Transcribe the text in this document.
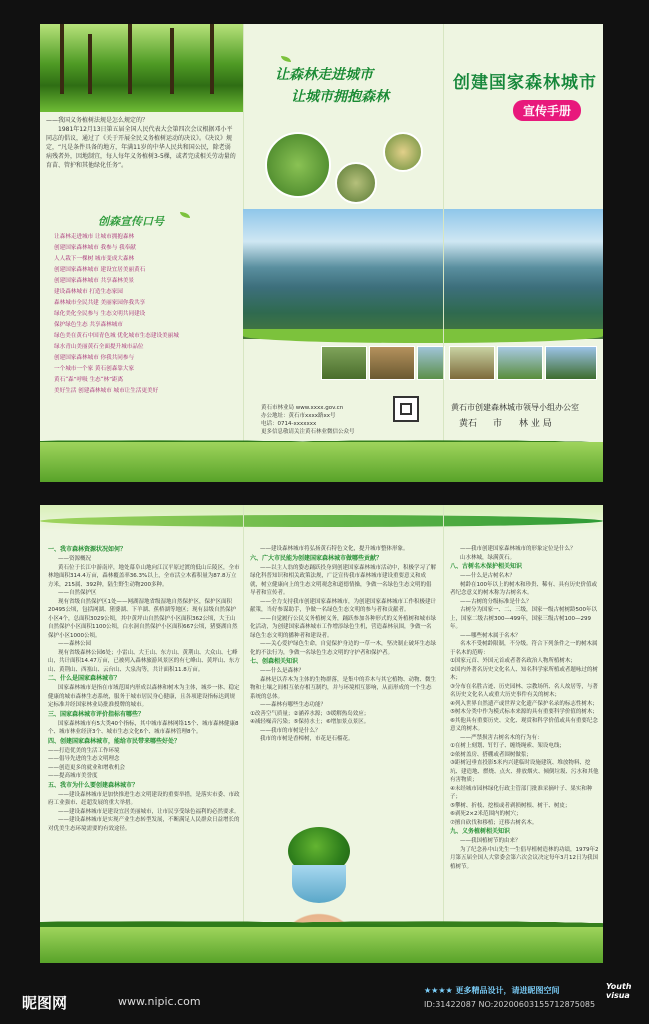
——我国义务植树法规是怎么规定的？
1981年12月13日第五届全国人民代表大会第四次会议根据邓小平同志的倡议，通过了《关于开展全民义务植树运动的决议》。《决议》规定，“凡是条件具备的地方，年满11岁的中华人民共和国公民，除老弱病残者外，因地制宜，每人每年义务植树3-5棵，或者完成相关劳动量的育苗、管护和其他绿化任务”。
创森宣传口号
让森林走进城市 让城市拥抱森林
创建国家森林城市 我参与 我奉献
人人栽下一棵树 城市变成大森林
创建国家森林城市 建设宜居美丽黄石
创建国家森林城市 共享森林美景
建设森林城市 打造生态家园
森林城市全民共建 美丽家园你我共享
绿化美化全民参与 生态文明共同建设
保护绿色生态 共享森林城市
绿色美在黄石中国青色城 优化城市生态建设美丽城
绿水青山美丽黄石全面提升城市品位
创建国家森林城市 你我共同参与
一个城市一个家 黄石创森靠大家
黄石“森”呼吸 生态“林”距离
美好生活 创建森林城市 城市让生活更美好
让森林走进城市
让城市拥抱森林
黄石市林业局 www.xxxx.gov.cn
办公地址：黄石市xxxx路xx号
电话：0714-xxxxxxx
更多信息敬请关注黄石林业微信公众号
创建国家森林城市
宣传手册
黄石市创建森林城市领导小组办公室
黄石 市 林 业 局
一、我市森林资源状况如何？
——资源概况
黄石位于长江中游南岸，地处幕阜山地向江汉平原过渡的低山丘陵区，全市林地面积314.4万亩，森林覆盖率36.3%以上，全市活立木蓄积量为87.8万立方米，215属、392种，陆生野生动物200多种。
——自然保护区
现有省级自然保护区1处——网湖湿地省级湿地自然保护区，保护区面积20495公顷，包括网湖、猪婆湖、下羊湖、蕉桥湖等地区；现有县级自然保护小区4个，总面积3029公顷，其中黄坪山自然保护小区面积362公顷，大王山自然保护小区面积1100公顷，白水洞自然保护小区面积667公顷，猪婆湖自然保护小区1000公顷。
——森林公园
现有省级森林公园6处；小雷山、大王山、东方山、黄荆山、大众山、七峰山，共计面积14.47万亩，已被列入森林旅游风景区的有七峰山、黄坪山、东方山、黄荆山、西塞山、云台山、大泉沟等，共计面积11.8万亩。
二、什么是国家森林城市？
国家森林城市是指在市域范围内形成以森林和树木为主体，城乡一体、稳定健康的城市森林生态系统，服务于城市居民身心健康，且各项建设指标达到规定标准并经国家林业局批准授牌的城市。
三、国家森林城市评价指标有哪些？
国家森林城市有5大类40个指标，其中城市森林网络15个、城市森林健康8个、城市林业经济3个、城市生态文化6个、城市森林管理8个。
四、创建国家森林城市，能给市民带来哪些好处？
——打造优美的生活工作环境
——倡导先进的生态文明理念
——创造更多的就业和增收机会
——提高城市美誉度
五、我市为什么要创建森林城市？
——建设森林城市是加快推进生态文明建设的重要举措，是落实市委、市政府工业强市、赶超发展的重大举措。
——建设森林城市是建设宜居美丽城市，让市民享受绿色福利的必然要求。
——建设森林城市是实现产业生态转型发展，不断满足人民群众日益增长的对优美生态环境需要的有效途径。
——建设森林城市将弘扬黄石特色文化，提升城市整体形象。
六、广大市民能为创建国家森林城市做哪些贡献？
——以主人翁的姿态踊跃投身到创建国家森林城市活动中，积极学习了解绿化科普知识和相关政策法规，广泛宣传我市森林城市建设重要意义和成就，树立健康向上的生态文明观念和道德情操，争做一名绿色生态文明的倡导者和宣传者。
——全力支持我市创建国家森林城市，为创建国家森林城市工作积极建计献策，当好参谋助手，争做一名绿色生态文明的参与者和贡献者。
——自觉履行公民义务植树义务，踊跃参加各种形式的义务植树和城市绿化活动，为创建国家森林城市工作增添绿色生机，营造森林氛围，争做一名绿色生态文明的播种者和建设者。
——关心爱护绿色生命，自觉保护身边的一草一木，坚决制止破坏生态绿化的不法行为，争做一名绿色生态文明的守护者和保护者。
七、创森相关知识
——什么是森林？
森林是以乔木为主体的生物群落，是集中的乔木与其它植物、动物、微生物和土壤之间相互依存相互制约，并与环境相互影响，从而形成的一个生态系统的总体。
——森林有哪些生态功能？
①改善空气质量；②涵养水源；③缓解热岛效应；
④减轻噪音污染；⑤保持水土；⑥增加景点景区。
——我市的市树是什么？
我市的市树是香樟树，市花是石榴花。
——我市创建国家森林城市的形象定位是什么？
山水林城，绿满黄石。
八、古树名木保护相关知识
——什么是古树名木？
树龄在100年以上的树木和珍贵、稀有、具有历史价值或者纪念意义的树木称为古树名木。
——古树的分级标准是什么？
古树分为国家一、二、三级，国家一级古树树龄500年以上，国家二级古树300—499年，国家三级古树100—299年。
——哪些树木属于名木？
名木不受树龄限制，不分级。符合下列条件之一的树木属于名木的范畴：
①国家元首、外国元首或者著名政治人物所植树木；
②国内外著名历史文化名人、知名科学家所植或者题咏过的树木；
③分布在名胜古迹、历史园林、宗教场所、名人故居等，与著名历史文化名人或重大历史事件有关的树木；
④列入世界自然遗产或世界文化遗产保护名录的标志性树木；
⑤树木分类中作为模式标本来源的具有重要科学价值的树木；
⑥其他具有重要历史、文化、观赏和科学价值或具有重要纪念意义的树木。
——严禁损害古树名木的行为有：
①在树上刻划、钉钉子、缠绕绳索、架设电线；
②依树盖房、搭棚或者围树做浆；
③距树冠垂直投影5米内兴建临时设施建筑、堆放物料、挖坑、建造地、燃烧、点火、排放烟火、倾倒垃圾、污水和其他有害物质；
④未经城市园林绿化行政主管部门批准采摘叶子、果实和种子；
⑤攀树、折枝、挖根或者剥损树根、树干、树皮；
⑥剥死2×2米范围内的树穴；
⑦擅自砍伐和移植；迁移古树名木。
九、义务植树相关知识
——我国植树节的由来？
为了纪念孙中山先生一生倡导植树造林的功绩，1979年2月第五届全国人大常委会第六次会议决定每年3月12日为我国植树节。
昵图网	www.nipic.com
★★★★ 更多精品设计，请进昵图空间
ID:31422087 NO:20200603155712875085
Youth visua
